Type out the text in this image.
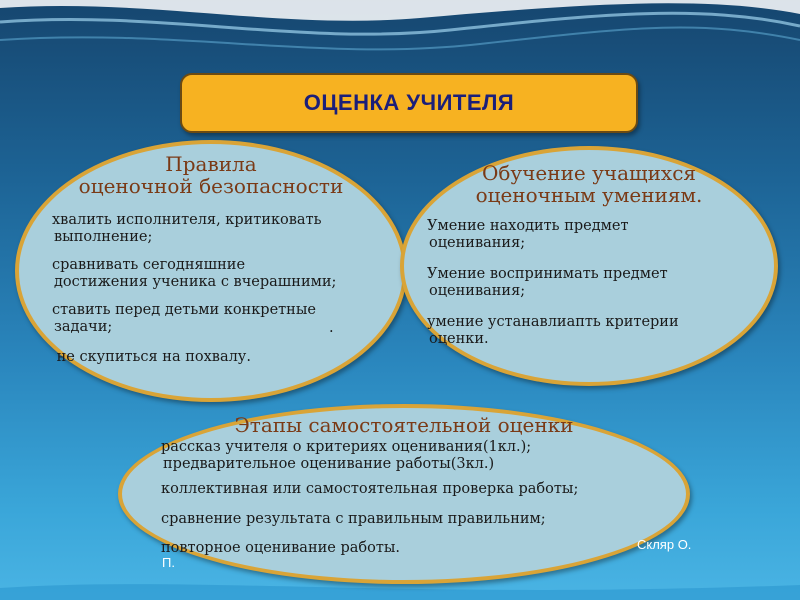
ОЦЕНКА УЧИТЕЛЯ
Правила
оценочной безопасности
хвалить исполнителя, критиковать
выполнение;
сравнивать сегодняшние
достижения ученика с вчерашними;
ставить перед детьми конкретные
задачи;
не скупиться на похвалу.
.
Обучение учащихся
оценочным умениям.
Умение находить предмет
оценивания;
Умение воспринимать предмет
оценивания;
умение устанавлиапть критерии
оценки.
Этапы самостоятельной оценки
рассказ учителя о критериях оценивания(1кл.);
предварительное оценивание работы(3кл.)
коллективная или самостоятельная проверка работы;
сравнение результата с правильным правильним;
повторное оценивание работы.	Скляр О.
П.
